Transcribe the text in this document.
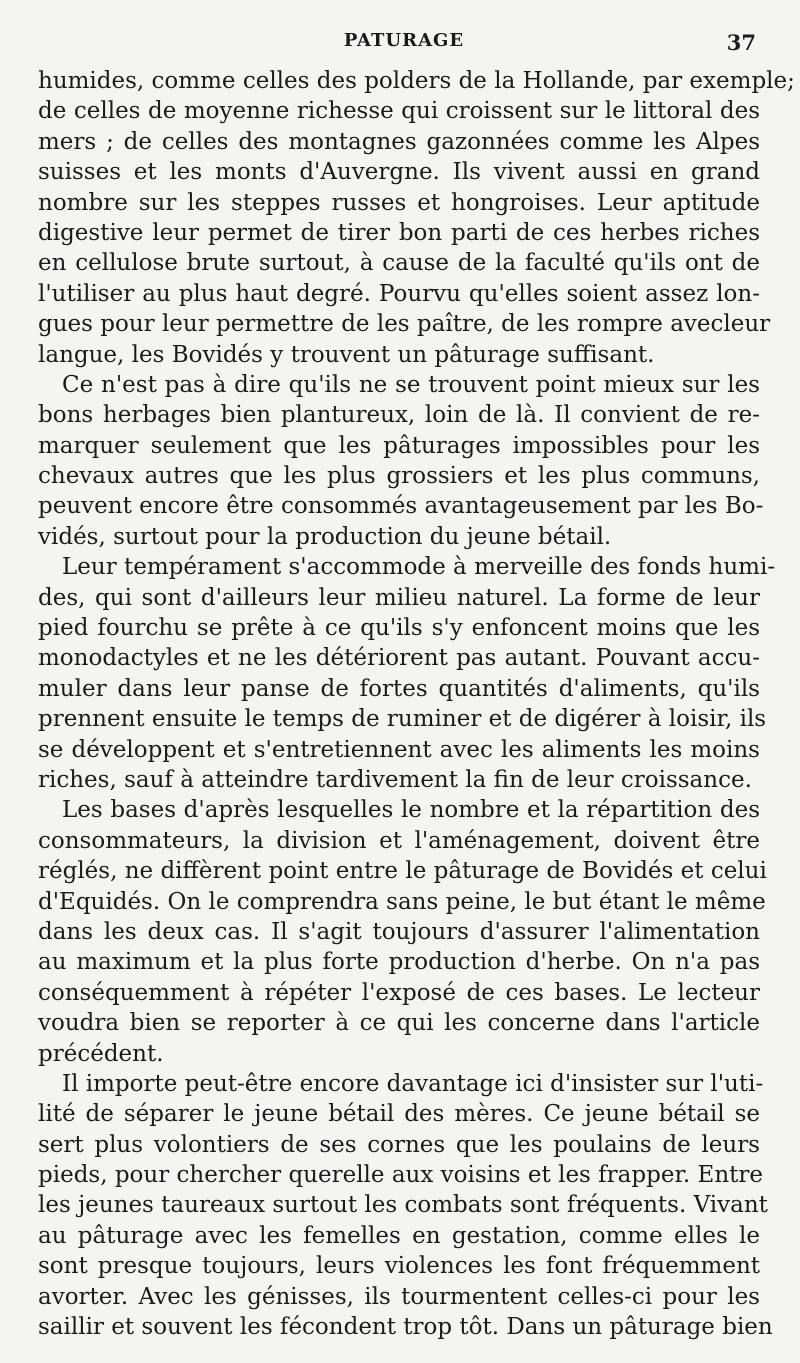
PATURAGE	37
humides, comme celles des polders de la Hollande, par exemple;
de celles de moyenne richesse qui croissent sur le littoral des
mers ; de celles des montagnes gazonnées comme les Alpes
suisses et les monts d'Auvergne. Ils vivent aussi en grand
nombre sur les steppes russes et hongroises. Leur aptitude
digestive leur permet de tirer bon parti de ces herbes riches
en cellulose brute surtout, à cause de la faculté qu'ils ont de
l'utiliser au plus haut degré. Pourvu qu'elles soient assez lon-
gues pour leur permettre de les paître, de les rompre avecleur
langue, les Bovidés y trouvent un pâturage suffisant.
Ce n'est pas à dire qu'ils ne se trouvent point mieux sur les
bons herbages bien plantureux, loin de là. Il convient de re-
marquer seulement que les pâturages impossibles pour les
chevaux autres que les plus grossiers et les plus communs,
peuvent encore être consommés avantageusement par les Bo-
vidés, surtout pour la production du jeune bétail.
Leur tempérament s'accommode à merveille des fonds humi-
des, qui sont d'ailleurs leur milieu naturel. La forme de leur
pied fourchu se prête à ce qu'ils s'y enfoncent moins que les
monodactyles et ne les détériorent pas autant. Pouvant accu-
muler dans leur panse de fortes quantités d'aliments, qu'ils
prennent ensuite le temps de ruminer et de digérer à loisir, ils
se développent et s'entretiennent avec les aliments les moins
riches, sauf à atteindre tardivement la fin de leur croissance.
Les bases d'après lesquelles le nombre et la répartition des
consommateurs, la division et l'aménagement, doivent être
réglés, ne diffèrent point entre le pâturage de Bovidés et celui
d'Equidés. On le comprendra sans peine, le but étant le même
dans les deux cas. Il s'agit toujours d'assurer l'alimentation
au maximum et la plus forte production d'herbe. On n'a pas
conséquemment à répéter l'exposé de ces bases. Le lecteur
voudra bien se reporter à ce qui les concerne dans l'article
précédent.
Il importe peut-être encore davantage ici d'insister sur l'uti-
lité de séparer le jeune bétail des mères. Ce jeune bétail se
sert plus volontiers de ses cornes que les poulains de leurs
pieds, pour chercher querelle aux voisins et les frapper. Entre
les jeunes taureaux surtout les combats sont fréquents. Vivant
au pâturage avec les femelles en gestation, comme elles le
sont presque toujours, leurs violences les font fréquemment
avorter. Avec les génisses, ils tourmentent celles-ci pour les
saillir et souvent les fécondent trop tôt. Dans un pâturage bien
